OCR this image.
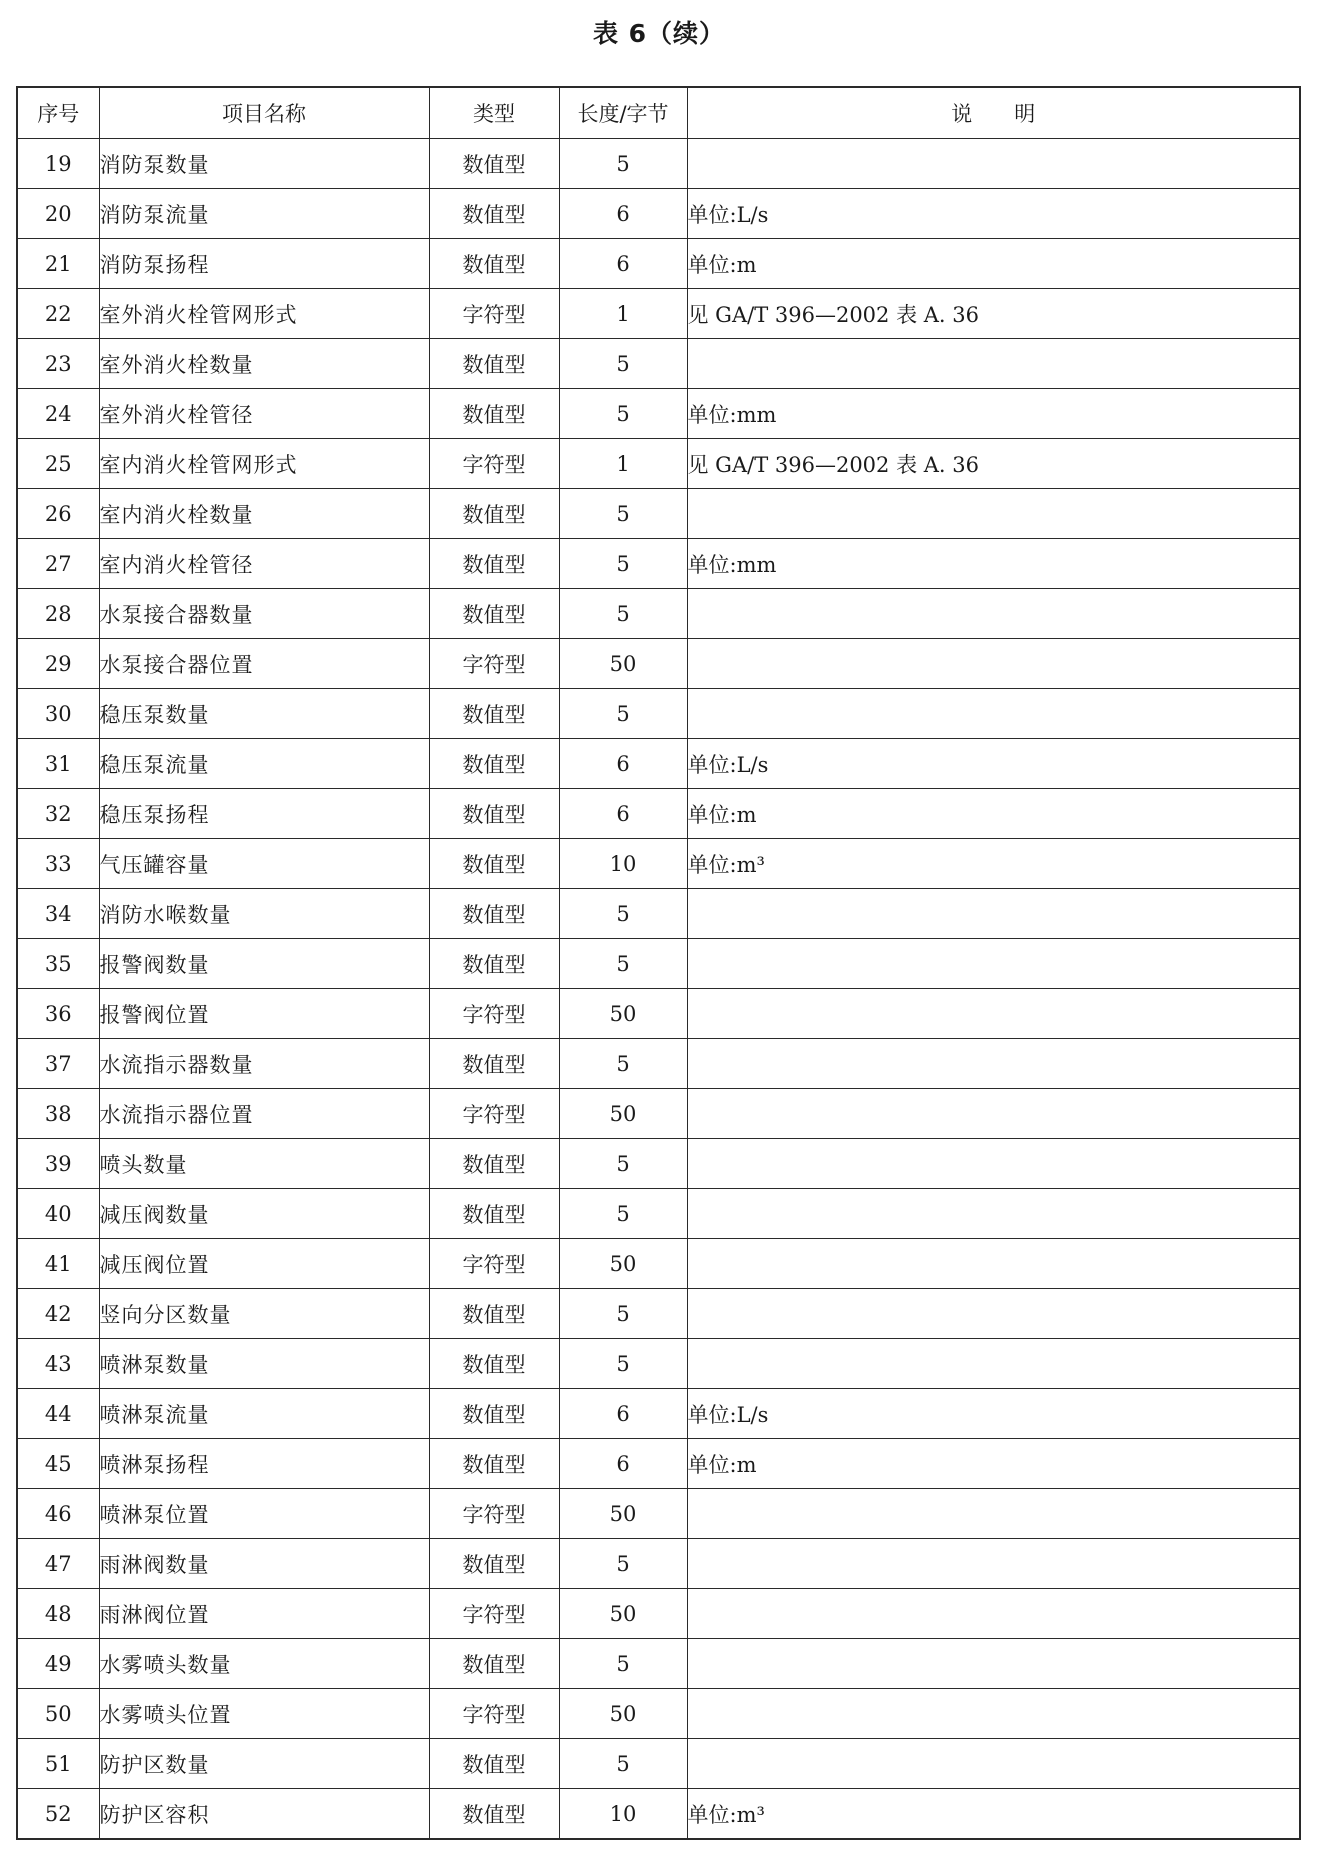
表 6（续）
序号	项目名称	类型	长度/字节	说　　明
19	消防泵数量	数值型	5	
20	消防泵流量	数值型	6	单位:L/s
21	消防泵扬程	数值型	6	单位:m
22	室外消火栓管网形式	字符型	1	见 GA/T 396—2002 表 A. 36
23	室外消火栓数量	数值型	5	
24	室外消火栓管径	数值型	5	单位:mm
25	室内消火栓管网形式	字符型	1	见 GA/T 396—2002 表 A. 36
26	室内消火栓数量	数值型	5	
27	室内消火栓管径	数值型	5	单位:mm
28	水泵接合器数量	数值型	5	
29	水泵接合器位置	字符型	50	
30	稳压泵数量	数值型	5	
31	稳压泵流量	数值型	6	单位:L/s
32	稳压泵扬程	数值型	6	单位:m
33	气压罐容量	数值型	10	单位:m³
34	消防水喉数量	数值型	5	
35	报警阀数量	数值型	5	
36	报警阀位置	字符型	50	
37	水流指示器数量	数值型	5	
38	水流指示器位置	字符型	50	
39	喷头数量	数值型	5	
40	减压阀数量	数值型	5	
41	减压阀位置	字符型	50	
42	竖向分区数量	数值型	5	
43	喷淋泵数量	数值型	5	
44	喷淋泵流量	数值型	6	单位:L/s
45	喷淋泵扬程	数值型	6	单位:m
46	喷淋泵位置	字符型	50	
47	雨淋阀数量	数值型	5	
48	雨淋阀位置	字符型	50	
49	水雾喷头数量	数值型	5	
50	水雾喷头位置	字符型	50	
51	防护区数量	数值型	5	
52	防护区容积	数值型	10	单位:m³
